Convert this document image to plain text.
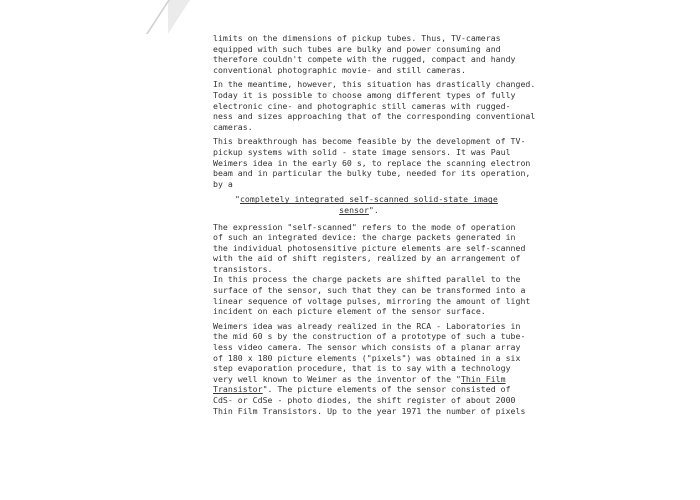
limits on the dimensions of pickup tubes. Thus, TV-cameras
equipped with such tubes are bulky and power consuming and
therefore couldn't compete with the rugged, compact and handy
conventional photographic movie- and still cameras.
In the meantime, however, this situation has drastically changed.
Today it is possible to choose among different types of fully
electronic cine- and photographic still cameras with rugged-
ness and sizes approaching that of the corresponding conventional
cameras.
This breakthrough has become feasible by the development of TV-
pickup systems with solid - state image sensors. It was Paul
Weimers idea in the early 60 s, to replace the scanning electron
beam and in particular the bulky tube, needed for its operation,
by a
"completely integrated self-scanned solid-state image
sensor".
The expression "self-scanned" refers to the mode of operation
of such an integrated device: the charge packets generated in
the individual photosensitive picture elements are self-scanned
with the aid of shift registers, realized by an arrangement of
transistors.
In this process the charge packets are shifted parallel to the
surface of the sensor, such that they can be transformed into a
linear sequence of voltage pulses, mirroring the amount of light
incident on each picture element of the sensor surface.
Weimers idea was already realized in the RCA - Laboratories in
the mid 60 s by the construction of a prototype of such a tube-
less video camera. The sensor which consists of a planar array
of 180 x 180 picture elements ("pixels") was obtained in a six
step evaporation procedure, that is to say with a technology
very well known to Weimer as the inventor of the "Thin Film
Transistor". The picture elements of the sensor consisted of
CdS- or CdSe - photo diodes, the shift register of about 2000
Thin Film Transistors. Up to the year 1971 the number of pixels
